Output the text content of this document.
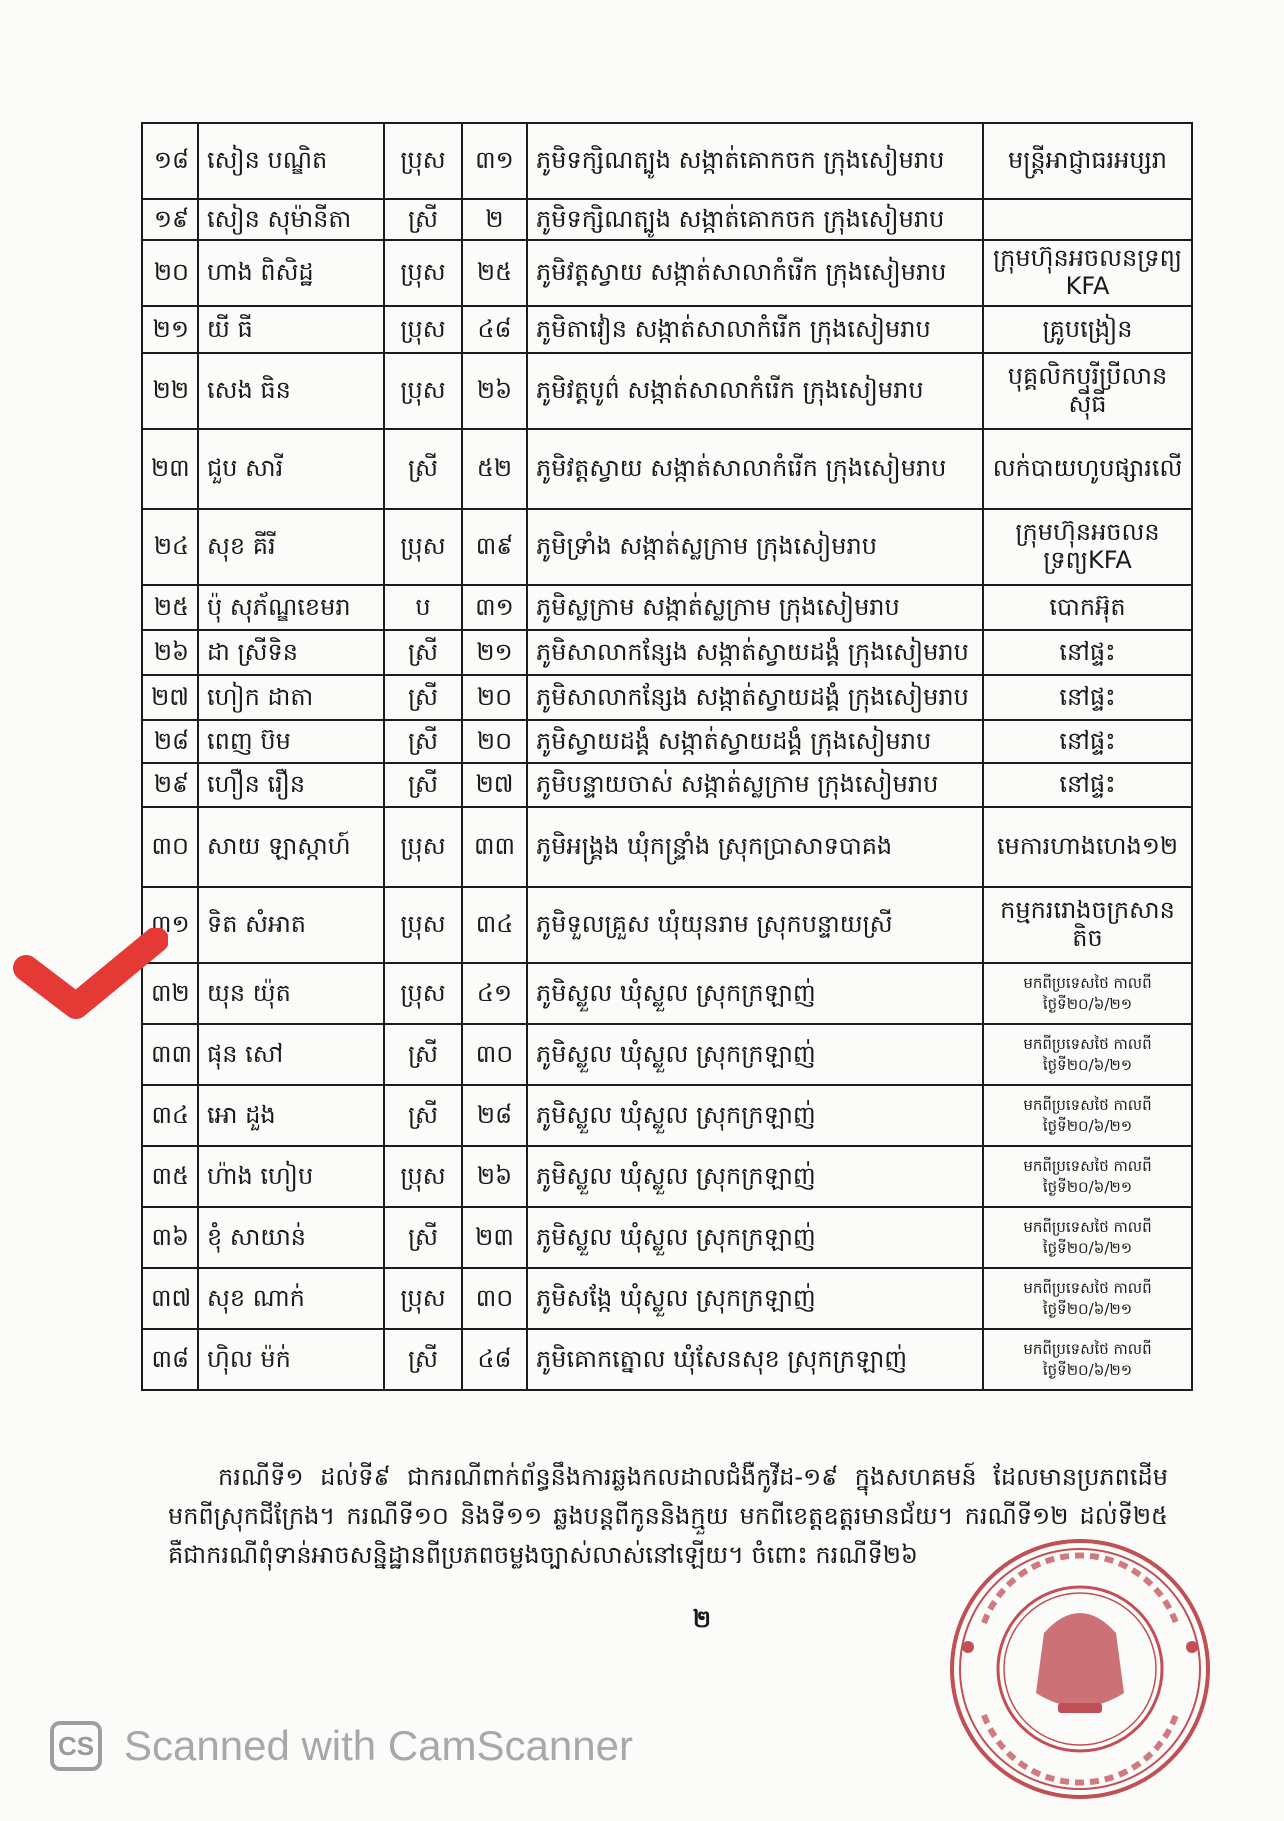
១៨	សៀន បណ្ឌិត	ប្រុស	៣១	ភូមិទក្សិណត្បូង សង្កាត់គោកចក ក្រុងសៀមរាប	មន្ត្រីអាជ្ញាធរអប្សរា
១៩	សៀន សុម៉ានីតា	ស្រី	២	ភូមិទក្សិណត្បូង សង្កាត់គោកចក ក្រុងសៀមរាប	
២០	ហាង ពិសិដ្ឋ	ប្រុស	២៥	ភូមិវត្តស្វាយ សង្កាត់សាលាកំរើក ក្រុងសៀមរាប	ក្រុមហ៊ុនអចលនទ្រព្យ KFA
២១	យី ធី	ប្រុស	៤៨	ភូមិតាវៀន សង្កាត់សាលាកំរើក ក្រុងសៀមរាប	គ្រូបង្រៀន
២២	សេង ធិន	ប្រុស	២៦	ភូមិវត្តបូព៌ សង្កាត់សាលាកំរើក ក្រុងសៀមរាប	បុគ្គលិកបុរីប្រីលានស៊ីធី
២៣	ជួប សារី	ស្រី	៥២	ភូមិវត្តស្វាយ សង្កាត់សាលាកំរើក ក្រុងសៀមរាប	លក់បាយហូបផ្សារលើ
២៤	សុខ គីរី	ប្រុស	៣៩	ភូមិទ្រាំង សង្កាត់ស្លក្រាម ក្រុងសៀមរាប	ក្រុមហ៊ុនអចលនទ្រព្យKFA
២៥	ប៉ុ សុភ័ណ្ឌខេមរា	ប	៣១	ភូមិស្លក្រាម សង្កាត់ស្លក្រាម ក្រុងសៀមរាប	បោកអ៊ុត
២៦	ដា ស្រីទិន	ស្រី	២១	ភូមិសាលាកន្សែង សង្កាត់ស្វាយដង្គំ ក្រុងសៀមរាប	នៅផ្ទះ
២៧	ហៀក ដាតា	ស្រី	២០	ភូមិសាលាកន្សែង សង្កាត់ស្វាយដង្គំ ក្រុងសៀមរាប	នៅផ្ទះ
២៨	ពេញ ប៊ម	ស្រី	២០	ភូមិស្វាយដង្គំ សង្កាត់ស្វាយដង្គំ ក្រុងសៀមរាប	នៅផ្ទះ
២៩	ហឿន រឿន	ស្រី	២៧	ភូមិបន្ទាយចាស់ សង្កាត់ស្លក្រាម ក្រុងសៀមរាប	នៅផ្ទះ
៣០	សាយ ឡាស្កាហ៍	ប្រុស	៣៣	ភូមិអង្រ្គង ឃុំកន្ទ្រាំង ស្រុកប្រាសាទបាគង	មេការហាងហេង១២
៣១	ទិត សំអាត	ប្រុស	៣៤	ភូមិទួលគ្រួស ឃុំយុនរាម ស្រុកបន្ទាយស្រី	កម្មកររោងចក្រសានតិច
៣២	យុន យ៉ុត	ប្រុស	៤១	ភូមិស្លួល ឃុំស្លួល ស្រុកក្រឡាញ់	មកពីប្រទេសថៃ កាលពីថ្ងៃទី២០/៦/២១
៣៣	ផុន សៅ	ស្រី	៣០	ភូមិស្លួល ឃុំស្លួល ស្រុកក្រឡាញ់	មកពីប្រទេសថៃ កាលពីថ្ងៃទី២០/៦/២១
៣៤	អោ ដួង	ស្រី	២៨	ភូមិស្លួល ឃុំស្លួល ស្រុកក្រឡាញ់	មកពីប្រទេសថៃ កាលពីថ្ងៃទី២០/៦/២១
៣៥	ហ៉ាង ហៀប	ប្រុស	២៦	ភូមិស្លួល ឃុំស្លួល ស្រុកក្រឡាញ់	មកពីប្រទេសថៃ កាលពីថ្ងៃទី២០/៦/២១
៣៦	ខុំ សាយាន់	ស្រី	២៣	ភូមិស្លួល ឃុំស្លួល ស្រុកក្រឡាញ់	មកពីប្រទេសថៃ កាលពីថ្ងៃទី២០/៦/២១
៣៧	សុខ ណាក់	ប្រុស	៣០	ភូមិសង្កែ ឃុំស្លួល ស្រុកក្រឡាញ់	មកពីប្រទេសថៃ កាលពីថ្ងៃទី២០/៦/២១
៣៨	ហ៊ិល ម៉ក់	ស្រី	៤៨	ភូមិគោកត្នោល ឃុំសែនសុខ ស្រុកក្រឡាញ់	មកពីប្រទេសថៃ កាលពីថ្ងៃទី២០/៦/២១
ករណីទី១ ដល់ទី៩ ជាករណីពាក់ព័ន្ធនឹងការឆ្លងកលដាលជំងឺកូវីដ-១៩ ក្នុងសហគមន៍ ដែលមានប្រភពដើមមកពីស្រុកជីក្រែង។ ករណីទី១០ និងទី១១ ឆ្លងបន្តពីកូននិងក្មួយ មកពីខេត្តឧត្តរមានជ័យ។ ករណីទី១២ ដល់ទី២៥ គឺជាករណីពុំទាន់អាចសន្និដ្ឋានពីប្រភពចម្លងច្បាស់លាស់នៅឡើយ។ ចំពោះ ករណីទី២៦
២
CS Scanned with CamScanner
